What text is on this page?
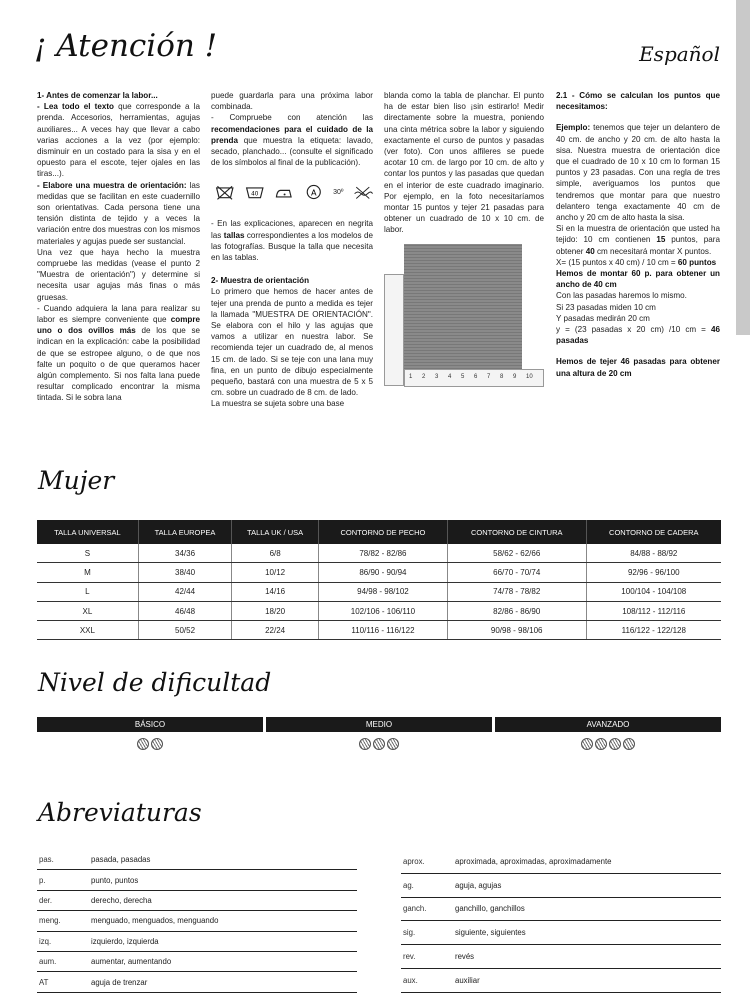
¡ Atención !	Español

1- Antes de comenzar la labor...

- Lea todo el texto que corresponde a la prenda. Accesorios, herramientas, agujas auxiliares... A veces hay que llevar a cabo varias acciones a la vez (por ejemplo: disminuir en un costado para la sisa y en el opuesto para el escote, tejer ojales en las tiras...).

- Elabore una muestra de orientación: las medidas que se facilitan en este cuadernillo son orientativas. Cada persona tiene una tensión distinta de tejido y a veces la variación entre dos muestras con los mismos materiales y agujas puede ser sustancial.

Una vez que haya hecho la muestra compruebe las medidas (vease el punto 2 "Muestra de orientación") y determine si necesita usar agujas más finas o más gruesas.

- Cuando adquiera la lana para realizar su labor es siempre conveniente que compre uno o dos ovillos más de los que se indican en la explicación: cabe la posibilidad de que se estropee alguno, o de que nos falte un poquito o de que queramos hacer algún complemento. Si nos falta lana puede resultar complicado encontrar la misma tintada. Si le sobra lana

puede guardarla para una próxima labor combinada.

- Compruebe con atención las recomendaciones para el cuidado de la prenda que muestra la etiqueta: lavado, secado, planchado... (consulte el significado de los símbolos al final de la publicación).

40	A 30º

- En las explicaciones, aparecen en negrita las tallas correspondientes a los modelos de las fotografías. Busque la talla que necesita en las tablas.

2- Muestra de orientación

Lo primero que hemos de hacer antes de tejer una prenda de punto a medida es tejer la llamada "MUESTRA DE ORIENTACIÓN". Se elabora con el hilo y las agujas que vamos a utilizar en nuestra labor. Se recomienda tejer un cuadrado de, al menos 15 cm. de lado. Si se teje con una lana muy fina, en un punto de dibujo especialmente pequeño, bastará con una muestra de 5 x 5 cm. sobre un cuadrado de 8 cm. de lado.

La muestra se sujeta sobre una base

blanda como la tabla de planchar. El punto ha de estar bien liso ¡sin estirarlo! Medir directamente sobre la muestra, poniendo una cinta métrica sobre la labor y siguiendo exactamente el curso de puntos y pasadas (ver foto). Con unos alfileres se puede acotar 10 cm. de largo por 10 cm. de alto y contar los puntos y las pasadas que quedan en el interior de este cuadrado imaginario. Por ejemplo, en la foto necesitaríamos montar 15 puntos y tejer 21 pasadas para obtener un cuadrado de 10 x 10 cm. de labor.

1 2 3 4 5 6 7 8 9 10

2.1 - Cómo se calculan los puntos que necesitamos:

Ejemplo: tenemos que tejer un delantero de 40 cm. de ancho y 20 cm. de alto hasta la sisa. Nuestra muestra de orientación dice que el cuadrado de 10 x 10 cm lo forman 15 puntos y 23 pasadas. Con una regla de tres simple, averiguamos los puntos que tendremos que montar para que nuestro delantero tenga exactamente 40 cm de ancho y 20 cm de alto hasta la sisa.

Si en la muestra de orientación que usted ha tejido: 10 cm contienen 15 puntos, para obtener 40 cm necesitará montar X puntos.

X= (15 puntos x 40 cm) / 10 cm = 60 puntos

Hemos de montar 60 p. para obtener un ancho de 40 cm

Con las pasadas haremos lo mismo.

Si 23 pasadas miden 10 cm

Y pasadas medirán 20 cm

y = (23 pasadas x 20 cm) /10 cm = 46 pasadas

Hemos de tejer 46 pasadas para obtener una altura de 20 cm

Mujer
TALLA UNIVERSAL	TALLA EUROPEA	TALLA UK / USA	CONTORNO DE PECHO	CONTORNO DE CINTURA	CONTORNO DE CADERA
S	34/36	6/8	78/82 - 82/86	58/62 - 62/66	84/88 - 88/92
M	38/40	10/12	86/90 - 90/94	66/70 - 70/74	92/96 - 96/100
L	42/44	14/16	94/98 - 98/102	74/78 - 78/82	100/104 - 104/108
XL	46/48	18/20	102/106 - 106/110	82/86 - 86/90	108/112 - 112/116
XXL	50/52	22/24	110/116 - 116/122	90/98 - 98/106	116/122 - 122/128
Nivel de dificultad
BÁSICO	MEDIO	AVANZADO
Abreviaturas
pas.	pasada, pasadas
p.	punto, puntos
der.	derecho, derecha
meng.	menguado, menguados, menguando
izq.	izquierdo, izquierda
aum.	aumentar, aumentando
AT	aguja de trenzar
aprox.	aproximada, aproximadas, aproximadamente
ag.	aguja, agujas
ganch.	ganchillo, ganchillos
sig.	siguiente, siguientes
rev.	revés
aux.	auxiliar
